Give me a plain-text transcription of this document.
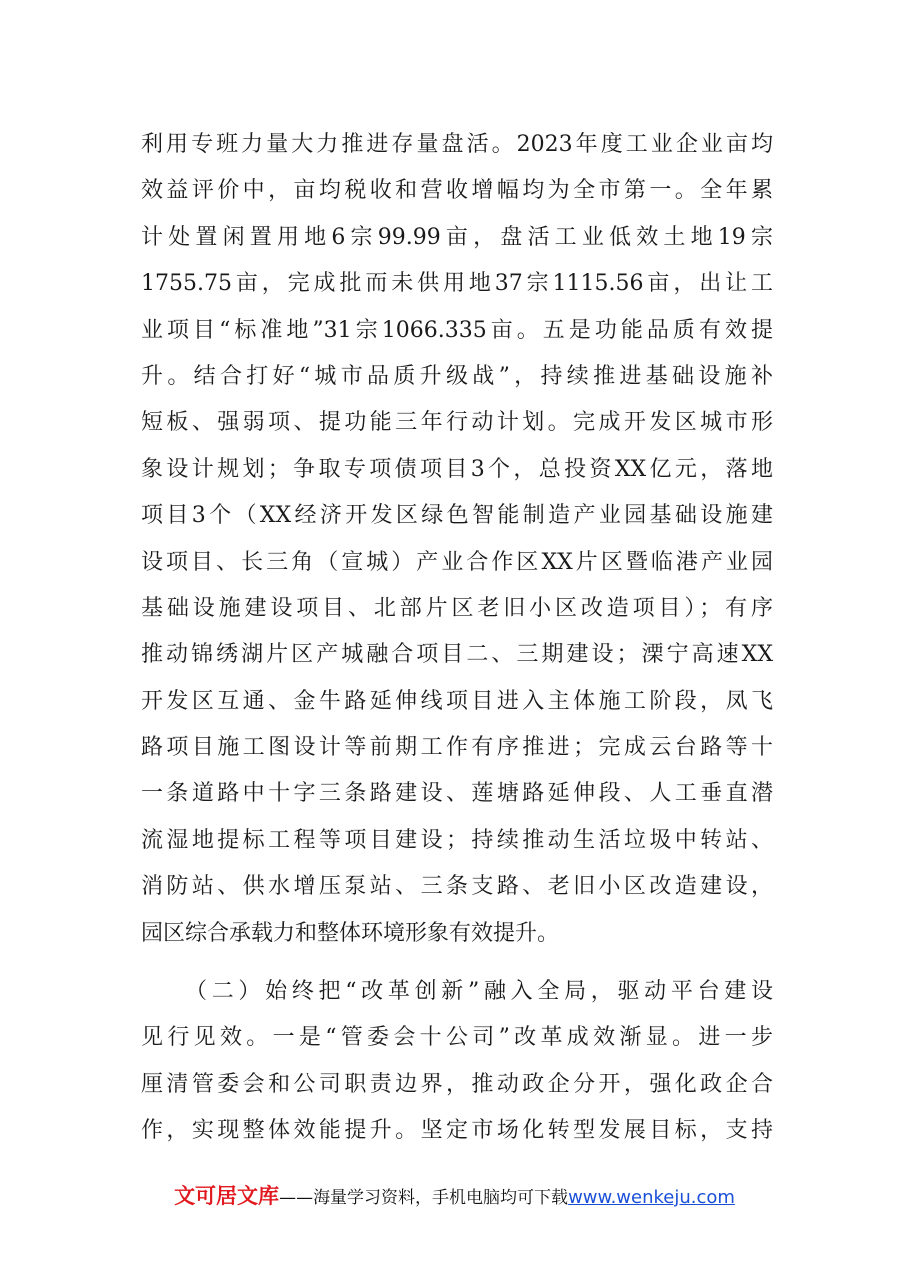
利用专班力量大力推进存量盘活。2023年度工业企业亩均
效益评价中，亩均税收和营收增幅均为全市第一。全年累
计处置闲置用地6宗99.99亩，盘活工业低效土地19宗
1755.75亩，完成批而未供用地37宗1115.56亩，出让工
业项目“标准地”31宗1066.335亩。五是功能品质有效提
升。结合打好“城市品质升级战”，持续推进基础设施补
短板、强弱项、提功能三年行动计划。完成开发区城市形
象设计规划；争取专项债项目3个，总投资XX亿元，落地
项目3个（XX经济开发区绿色智能制造产业园基础设施建
设项目、长三角（宣城）产业合作区XX片区暨临港产业园
基础设施建设项目、北部片区老旧小区改造项目）；有序
推动锦绣湖片区产城融合项目二、三期建设；溧宁高速XX
开发区互通、金牛路延伸线项目进入主体施工阶段，凤飞
路项目施工图设计等前期工作有序推进；完成云台路等十
一条道路中十字三条路建设、莲塘路延伸段、人工垂直潜
流湿地提标工程等项目建设；持续推动生活垃圾中转站、
消防站、供水增压泵站、三条支路、老旧小区改造建设，
园区综合承载力和整体环境形象有效提升。
（二）始终把“改革创新”融入全局，驱动平台建设
见行见效。一是“管委会十公司”改革成效渐显。进一步
厘清管委会和公司职责边界，推动政企分开，强化政企合
作，实现整体效能提升。坚定市场化转型发展目标，支持
文可居文库——海量学习资料，手机电脑均可下载www.wenkeju.com
